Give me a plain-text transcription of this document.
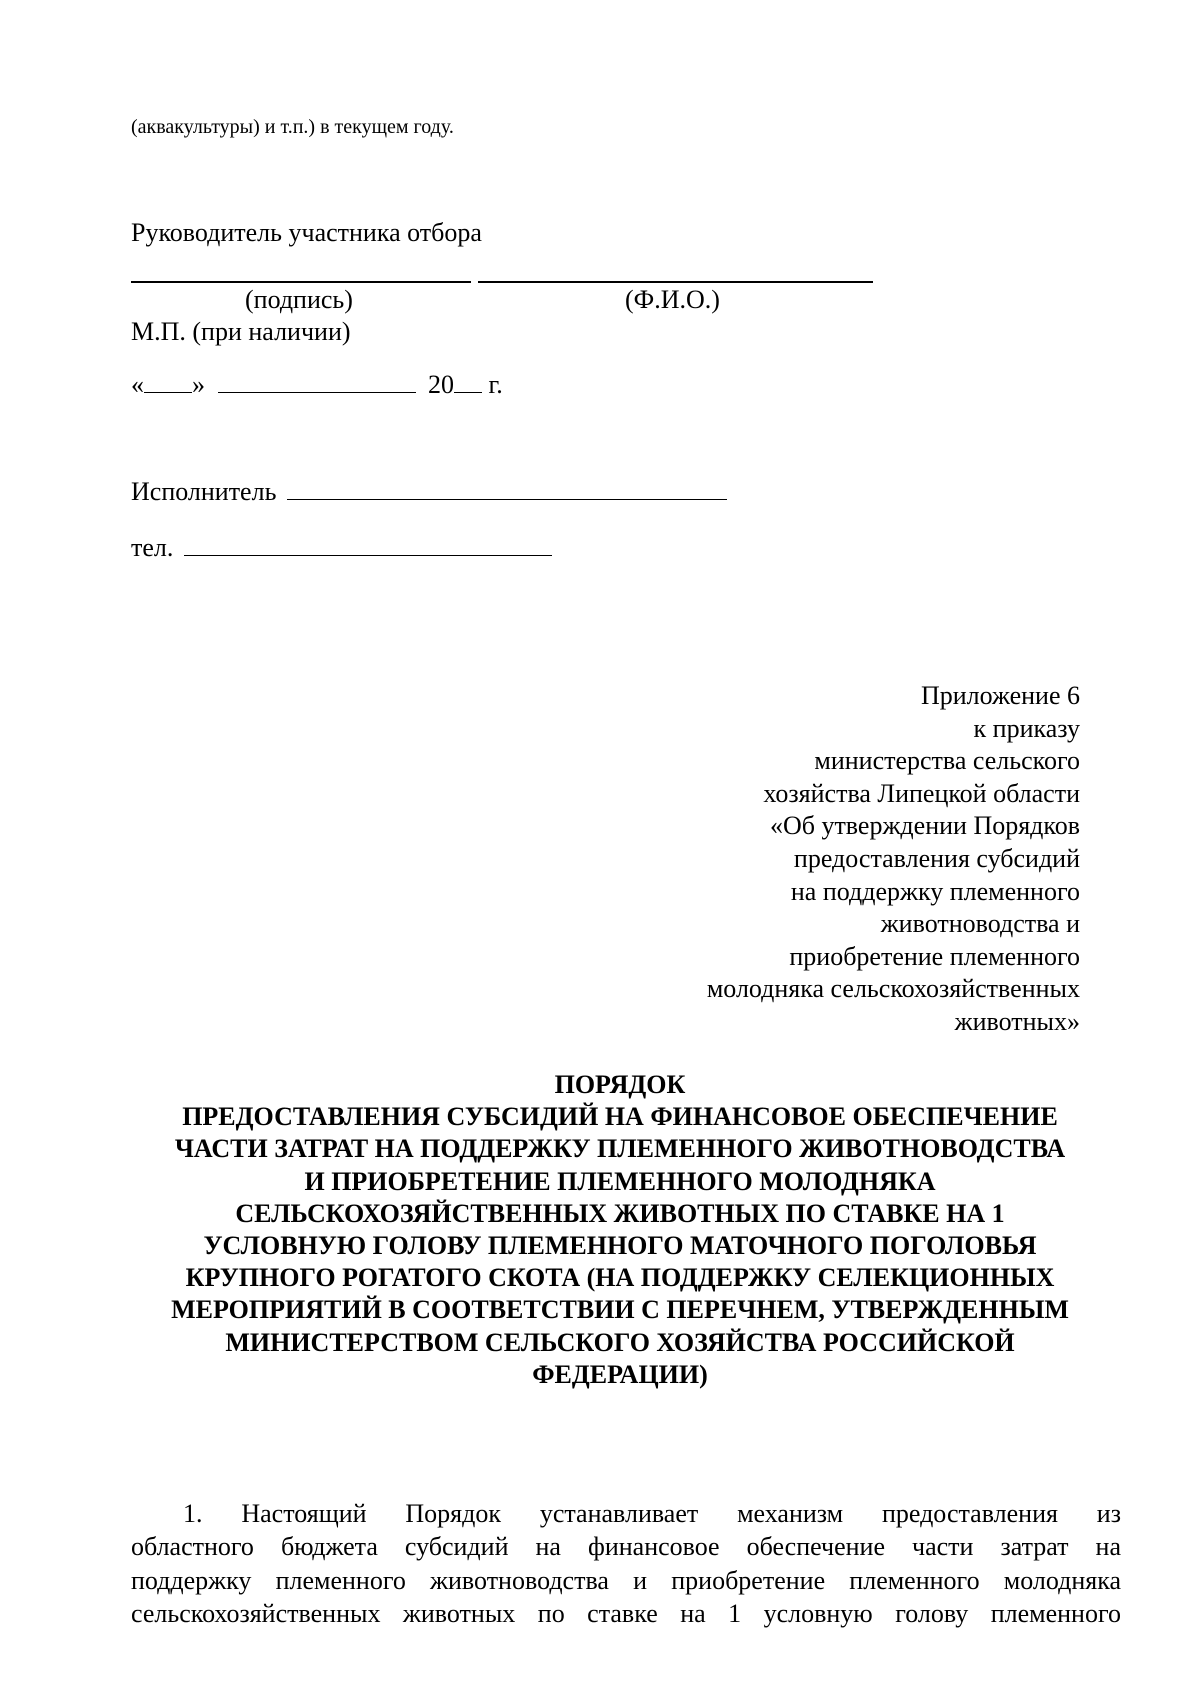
(аквакультуры) и т.п.) в текущем году.
Руководитель участника отбора
(подпись)	(Ф.И.О.)
М.П. (при наличии)
« »	20 г.
Исполнитель
тел.
Приложение 6
к приказу
министерства сельского
хозяйства Липецкой области
«Об утверждении Порядков
предоставления субсидий
на поддержку племенного
животноводства и
приобретение племенного
молодняка сельскохозяйственных
животных»
ПОРЯДОК
ПРЕДОСТАВЛЕНИЯ СУБСИДИЙ НА ФИНАНСОВОЕ ОБЕСПЕЧЕНИЕ
ЧАСТИ ЗАТРАТ НА ПОДДЕРЖКУ ПЛЕМЕННОГО ЖИВОТНОВОДСТВА
И ПРИОБРЕТЕНИЕ ПЛЕМЕННОГО МОЛОДНЯКА
СЕЛЬСКОХОЗЯЙСТВЕННЫХ ЖИВОТНЫХ ПО СТАВКЕ НА 1
УСЛОВНУЮ ГОЛОВУ ПЛЕМЕННОГО МАТОЧНОГО ПОГОЛОВЬЯ
КРУПНОГО РОГАТОГО СКОТА (НА ПОДДЕРЖКУ СЕЛЕКЦИОННЫХ
МЕРОПРИЯТИЙ В СООТВЕТСТВИИ С ПЕРЕЧНЕМ, УТВЕРЖДЕННЫМ
МИНИСТЕРСТВОМ СЕЛЬСКОГО ХОЗЯЙСТВА РОССИЙСКОЙ
ФЕДЕРАЦИИ)
1. Настоящий Порядок устанавливает механизм предоставления из
областного бюджета субсидий на финансовое обеспечение части затрат на
поддержку племенного животноводства и приобретение племенного молодняка
сельскохозяйственных животных по ставке на 1 условную голову племенного
